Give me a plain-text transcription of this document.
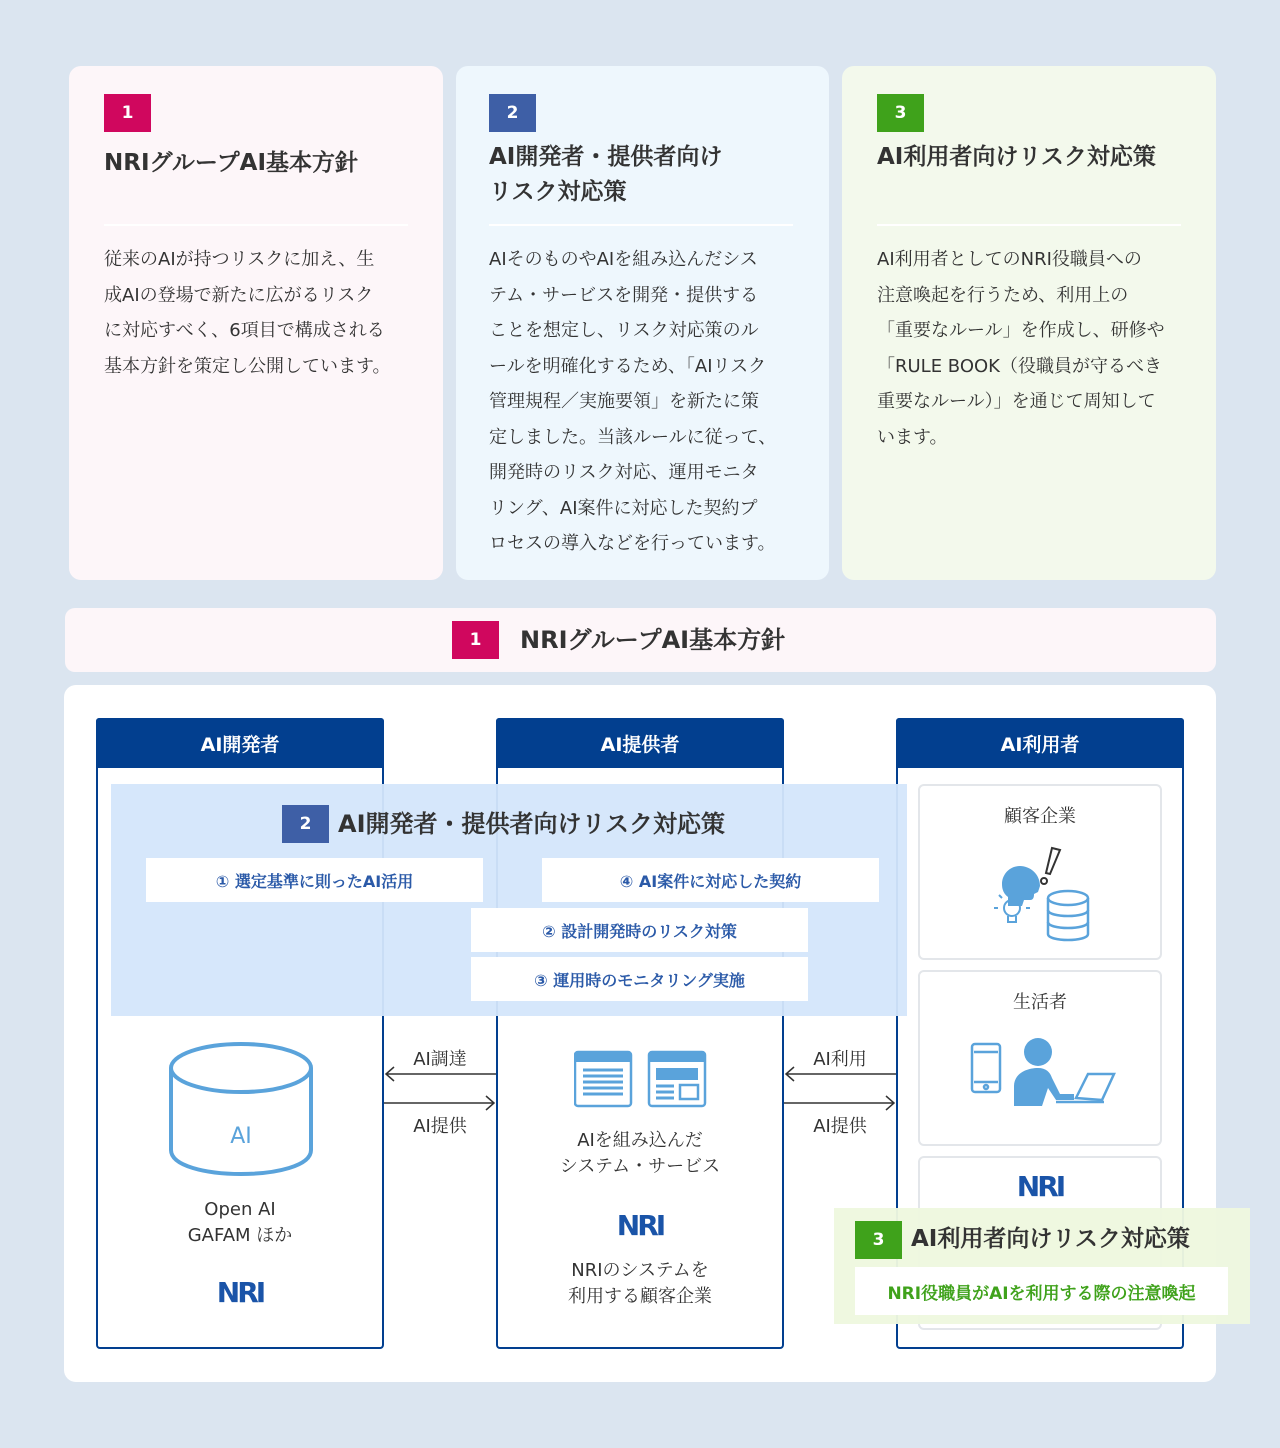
1
NRIグループAI基本方針
従来のAIが持つリスクに加え、生
成AIの登場で新たに広がるリスク
に対応すべく、6項目で構成される
基本方針を策定し公開しています。
2
AI開発者・提供者向け
リスク対応策
AIそのものやAIを組み込んだシス
テム・サービスを開発・提供する
ことを想定し、リスク対応策のル
ールを明確化するため、「AIリスク
管理規程／実施要領」を新たに策
定しました。当該ルールに従って、
開発時のリスク対応、運用モニタ
リング、AI案件に対応した契約プ
ロセスの導入などを行っています。
3
AI利用者向けリスク対応策
AI利用者としてのNRI役職員への
注意喚起を行うため、利用上の
「重要なルール」を作成し、研修や
「RULE BOOK（役職員が守るべき
重要なルール）」を通じて周知して
います。
1	NRIグループAI基本方針
AI開発者	AI提供者	AI利用者
顧客企業
生活者
NRI
2	AI開発者・提供者向けリスク対応策
① 選定基準に則ったAI活用	④ AI案件に対応した契約
② 設計開発時のリスク対策
③ 運用時のモニタリング実施
AI
Open AI
GAFAM ほか
NRI
AIを組み込んだ
システム・サービス
NRI
NRIのシステムを
利用する顧客企業
AI調達
AI提供
AI利用
AI提供
3	AI利用者向けリスク対応策
NRI役職員がAIを利用する際の注意喚起
